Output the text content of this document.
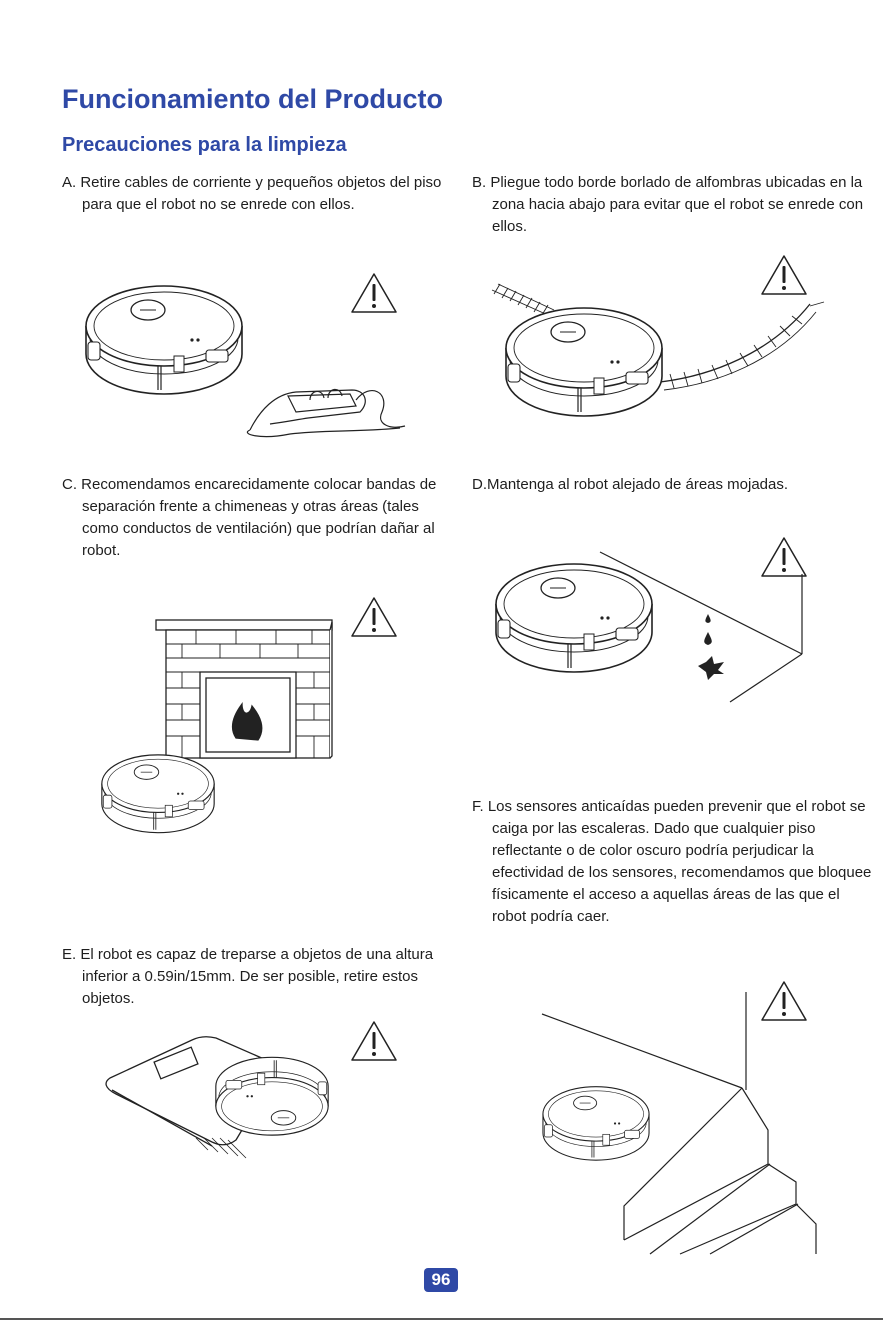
Funcionamiento del Producto
Precauciones para la limpieza

A. Retire cables de corriente y pequeños objetos del piso para que el robot no se enrede con ellos.

B. Pliegue todo borde borlado de alfombras ubicadas en la zona hacia abajo para evitar que el robot se enrede con ellos.

C. Recomendamos encarecidamente colocar bandas de separación frente a chimeneas y otras áreas (tales como conductos de ventilación) que podrían dañar al robot.

D.Mantenga al robot alejado de áreas mojadas.

E. El robot es capaz de treparse a objetos de una altura inferior a 0.59in/15mm. De ser posible, retire estos objetos.

F. Los sensores anticaídas pueden prevenir que el robot se caiga por las escaleras. Dado que cualquier piso reflectante o de color oscuro podría perjudicar la efectividad de los sensores, recomendamos que bloquee físicamente el acceso a aquellas áreas de las que el robot podría caer.

96
